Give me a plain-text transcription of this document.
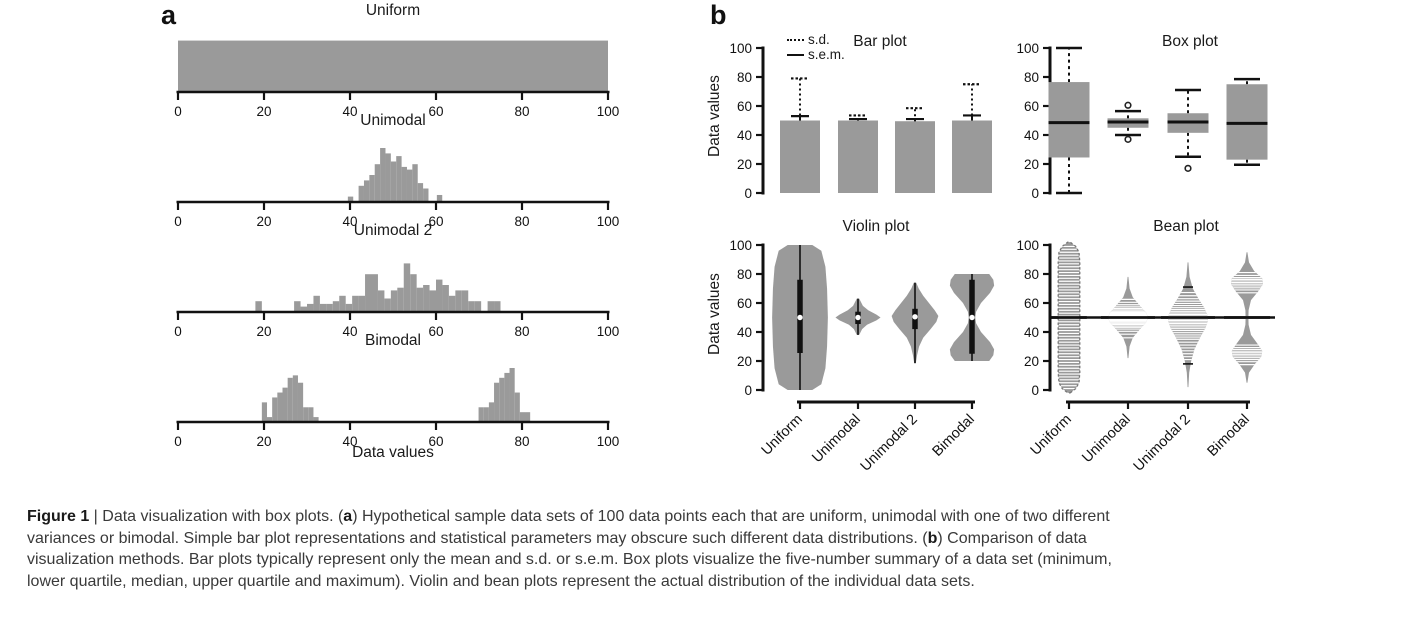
a	Uniform
0	20	40	60	80	100
Unimodal
0	20	40	60	80	100
Unimodal 2
0	20	40	60	80	100
Bimodal
0	20	40	60	80	100
Data values
b
Bar plot	Box plot
Violin plot	Bean plot
s.d.
s.e.m.
Data values
Data values
0
20
40
60
80
100
0
20
40
60
80
100
0
20
40
60
80
100
Uniform Unimodal
Unimodal 2 Bimodal
0
20
40
60
80
100
Uniform Unimodal
Unimodal 2 Bimodal
Figure 1 | Data visualization with box plots. (a) Hypothetical sample data sets of 100 data points each that are uniform, unimodal with one of two different
variances or bimodal. Simple bar plot representations and statistical parameters may obscure such different data distributions. (b) Comparison of data
visualization methods. Bar plots typically represent only the mean and s.d. or s.e.m. Box plots visualize the five-number summary of a data set (minimum,
lower quartile, median, upper quartile and maximum). Violin and bean plots represent the actual distribution of the individual data sets.
